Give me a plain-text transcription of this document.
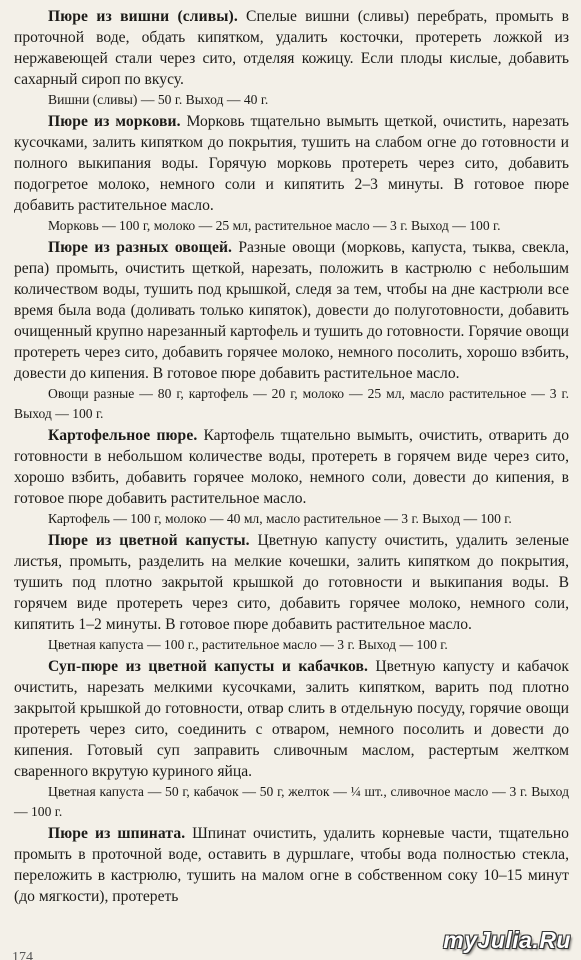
Пюре из вишни (сливы). Спелые вишни (сливы) перебрать, промыть в проточной воде, обдать кипятком, удалить косточки, протереть ложкой из нержавеющей стали через сито, отделяя кожицу. Если плоды кислые, добавить сахарный сироп по вкусу.

Вишни (сливы) — 50 г. Выход — 40 г.

Пюре из моркови. Морковь тщательно вымыть щеткой, очистить, нарезать кусочками, залить кипятком до покрытия, тушить на слабом огне до готовности и полного выкипания воды. Горячую морковь протереть через сито, добавить подогретое молоко, немного соли и кипятить 2–3 минуты. В готовое пюре добавить растительное масло.

Морковь — 100 г, молоко — 25 мл, растительное масло — 3 г. Выход — 100 г.

Пюре из разных овощей. Разные овощи (морковь, капуста, тыква, свекла, репа) промыть, очистить щеткой, нарезать, положить в кастрюлю с небольшим количеством воды, тушить под крышкой, следя за тем, чтобы на дне кастрюли все время была вода (доливать только кипяток), довести до полуготовности, добавить очищенный крупно нарезанный картофель и тушить до готовности. Горячие овощи протереть через сито, добавить горячее молоко, немного посолить, хорошо взбить, довести до кипения. В готовое пюре добавить растительное масло.

Овощи разные — 80 г, картофель — 20 г, молоко — 25 мл, масло растительное — 3 г. Выход — 100 г.

Картофельное пюре. Картофель тщательно вымыть, очистить, отварить до готовности в небольшом количестве воды, протереть в горячем виде через сито, хорошо взбить, добавить горячее молоко, немного соли, довести до кипения, в готовое пюре добавить растительное масло.

Картофель — 100 г, молоко — 40 мл, масло растительное — 3 г. Выход — 100 г.

Пюре из цветной капусты. Цветную капусту очистить, удалить зеленые листья, промыть, разделить на мелкие кочешки, залить кипятком до покрытия, тушить под плотно закрытой крышкой до готовности и выкипания воды. В горячем виде протереть через сито, добавить горячее молоко, немного соли, кипятить 1–2 минуты. В готовое пюре добавить растительное масло.

Цветная капуста — 100 г., растительное масло — 3 г. Выход — 100 г.

Суп-пюре из цветной капусты и кабачков. Цветную капусту и кабачок очистить, нарезать мелкими кусочками, залить кипятком, варить под плотно закрытой крышкой до готовности, отвар слить в отдельную посуду, горячие овощи протереть через сито, соединить с отваром, немного посолить и довести до кипения. Готовый суп заправить сливочным маслом, растертым желтком сваренного вкрутую куриного яйца.

Цветная капуста — 50 г, кабачок — 50 г, желток — ¼ шт., сливочное масло — 3 г. Выход — 100 г.

Пюре из шпината. Шпинат очистить, удалить корневые части, тщательно промыть в проточной воде, оставить в дуршлаге, чтобы вода полностью стекла, переложить в кастрюлю, тушить на малом огне в собственном соку 10–15 минут (до мягкости), протереть

174
myJulia.Ru
